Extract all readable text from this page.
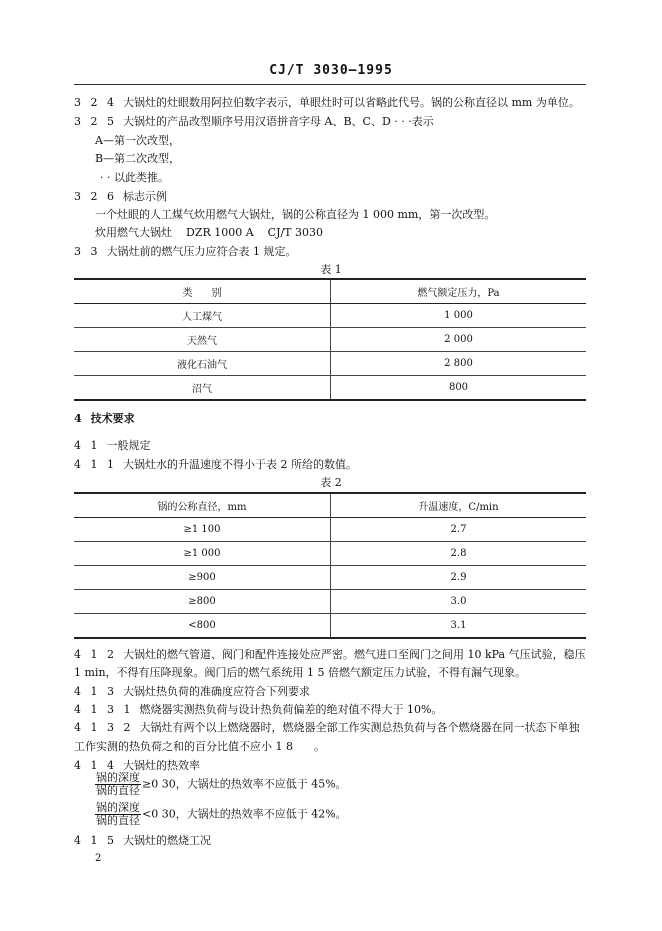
CJ/T 3030—1995
3 2 4 大锅灶的灶眼数用阿拉伯数字表示，单眼灶时可以省略此代号。锅的公称直径以 mm 为单位。
3 2 5 大锅灶的产品改型顺序号用汉语拼音字母 A、B、C、D · · ·表示
A—第一次改型，
B—第二次改型，
· · 以此类推。
3 2 6 标志示例
一个灶眼的人工煤气炊用燃气大锅灶，锅的公称直径为 1 000 mm，第一次改型。
炊用燃气大锅灶    DZR 1000 A    CJ/T 3030
3 3 大锅灶前的燃气压力应符合表 1 规定。
表 1
类      别	燃气额定压力，Pa
人工煤气	1 000
天然气	2 000
液化石油气	2 800
沼气	800
4 技术要求
4 1 一般规定
4 1 1 大锅灶水的升温速度不得小于表 2 所给的数值。
表 2
锅的公称直径，mm	升温速度，C/min
≥1 100	2.7
≥1 000	2.8
≥900	2.9
≥800	3.0
<800	3.1
4 1 2 大锅灶的燃气管道、阀门和配件连接处应严密。燃气进口至阀门之间用 10 kPa 气压试验，稳压
1 min，不得有压降现象。阀门后的燃气系统用 1 5 倍燃气额定压力试验，不得有漏气现象。
4 1 3 大锅灶热负荷的准确度应符合下列要求
4 1 3 1 燃烧器实测热负荷与设计热负荷偏差的绝对值不得大于 10%。
4 1 3 2 大锅灶有两个以上燃烧器时，燃烧器全部工作实测总热负荷与各个燃烧器在同一状态下单独
工作实测的热负荷之和的百分比值不应小 1 8      。
4 1 4 大锅灶的热效率
$\frac{\text{锅的深度}}{\text{锅的直径}} \ge 0$ 30，大锅灶的热效率不应低于 45%。
$\frac{\text{锅的深度}}{\text{锅的直径}} <0$ 30，大锅灶的热效率不应低于 42%。
4 1 5 大锅灶的燃烧工况
2
